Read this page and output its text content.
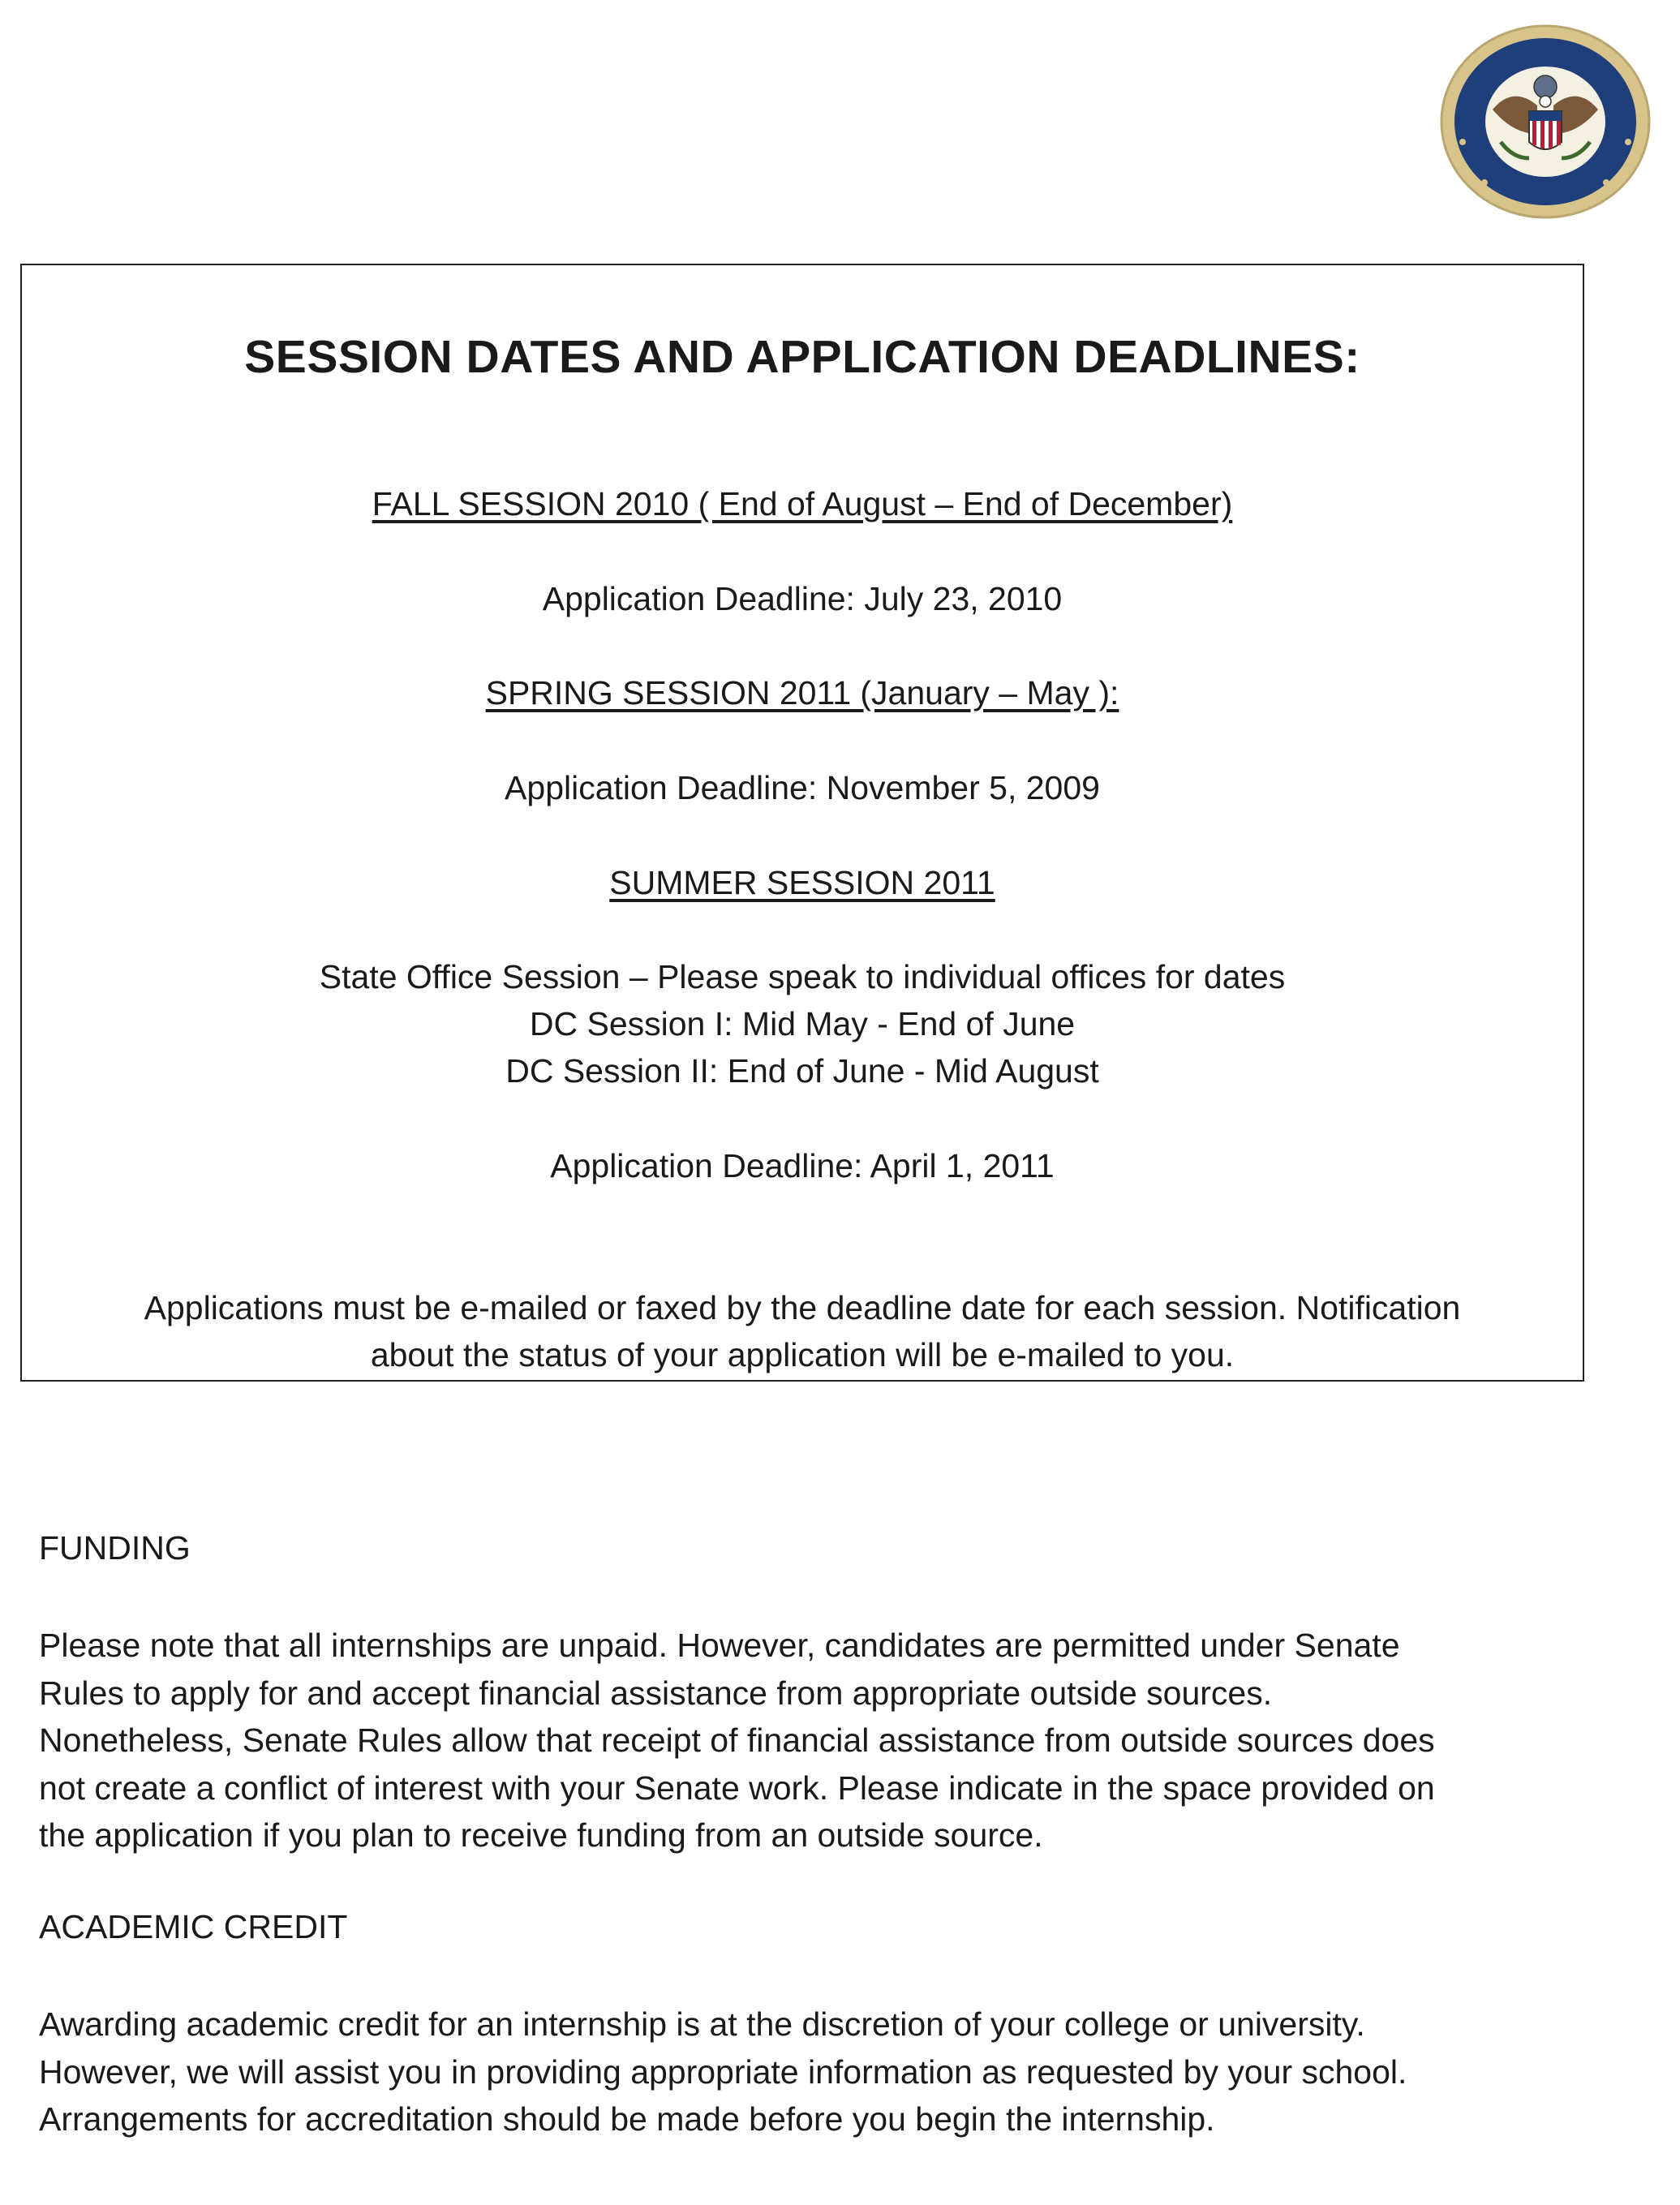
SESSION DATES AND APPLICATION DEADLINES:
FALL SESSION 2010 ( End of August – End of December)
Application Deadline: July 23, 2010
SPRING SESSION 2011 (January – May ):
Application Deadline: November 5, 2009
SUMMER SESSION 2011
State Office Session – Please speak to individual offices for dates
DC Session I: Mid May - End of June
DC Session II: End of June - Mid August
Application Deadline: April 1, 2011
Applications must be e-mailed or faxed by the deadline date for each session. Notification
about the status of your application will be e-mailed to you.
FUNDING
Please note that all internships are unpaid. However, candidates are permitted under Senate
Rules to apply for and accept financial assistance from appropriate outside sources.
Nonetheless, Senate Rules allow that receipt of financial assistance from outside sources does
not create a conflict of interest with your Senate work. Please indicate in the space provided on
the application if you plan to receive funding from an outside source.
ACADEMIC CREDIT
Awarding academic credit for an internship is at the discretion of your college or university.
However, we will assist you in providing appropriate information as requested by your school.
Arrangements for accreditation should be made before you begin the internship.
